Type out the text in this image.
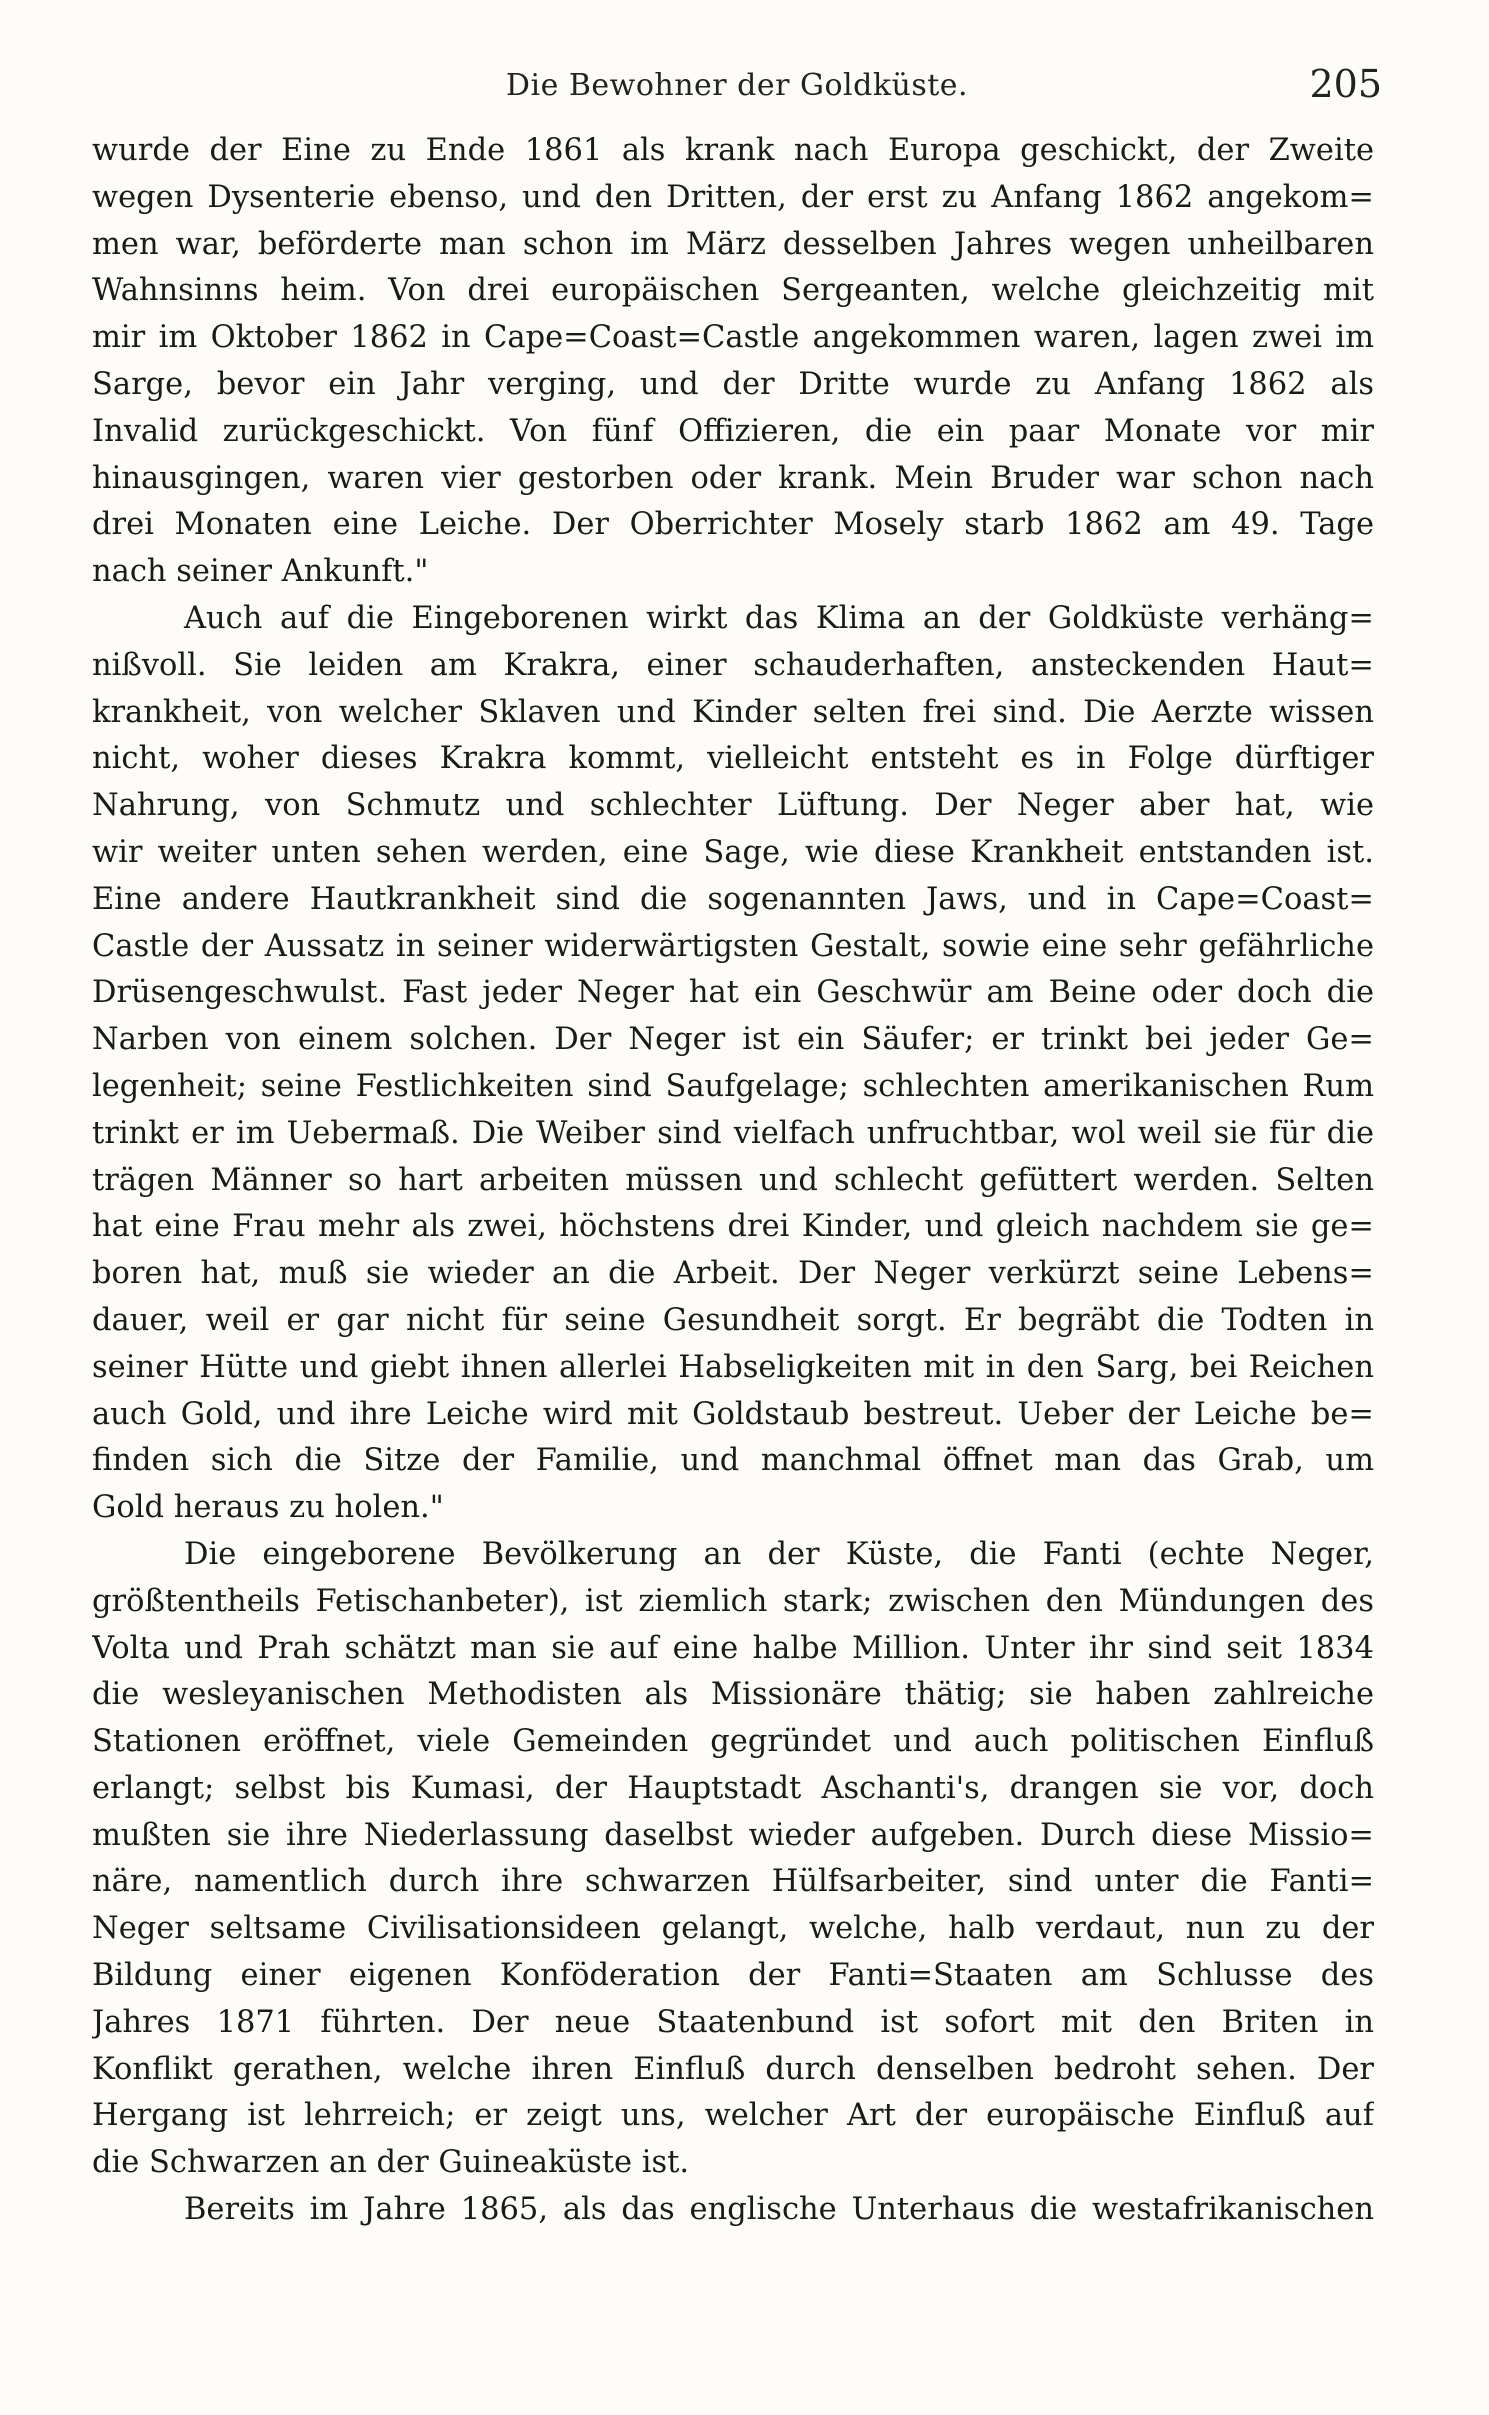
Die Bewohner der Goldküste.	205
wurde der Eine zu Ende 1861 als krank nach Europa geschickt, der Zweite
wegen Dysenterie ebenso, und den Dritten, der erst zu Anfang 1862 angekom=
men war, beförderte man schon im März desselben Jahres wegen unheilbaren
Wahnsinns heim. Von drei europäischen Sergeanten, welche gleichzeitig mit
mir im Oktober 1862 in Cape=Coast=Castle angekommen waren, lagen zwei im
Sarge, bevor ein Jahr verging, und der Dritte wurde zu Anfang 1862 als
Invalid zurückgeschickt. Von fünf Offizieren, die ein paar Monate vor mir
hinausgingen, waren vier gestorben oder krank. Mein Bruder war schon nach
drei Monaten eine Leiche. Der Oberrichter Mosely starb 1862 am 49. Tage
nach seiner Ankunft."
Auch auf die Eingeborenen wirkt das Klima an der Goldküste verhäng=
nißvoll. Sie leiden am Krakra, einer schauderhaften, ansteckenden Haut=
krankheit, von welcher Sklaven und Kinder selten frei sind. Die Aerzte wissen
nicht, woher dieses Krakra kommt, vielleicht entsteht es in Folge dürftiger
Nahrung, von Schmutz und schlechter Lüftung. Der Neger aber hat, wie
wir weiter unten sehen werden, eine Sage, wie diese Krankheit entstanden ist.
Eine andere Hautkrankheit sind die sogenannten Jaws, und in Cape=Coast=
Castle der Aussatz in seiner widerwärtigsten Gestalt, sowie eine sehr gefährliche
Drüsengeschwulst. Fast jeder Neger hat ein Geschwür am Beine oder doch die
Narben von einem solchen. Der Neger ist ein Säufer; er trinkt bei jeder Ge=
legenheit; seine Festlichkeiten sind Saufgelage; schlechten amerikanischen Rum
trinkt er im Uebermaß. Die Weiber sind vielfach unfruchtbar, wol weil sie für die
trägen Männer so hart arbeiten müssen und schlecht gefüttert werden. Selten
hat eine Frau mehr als zwei, höchstens drei Kinder, und gleich nachdem sie ge=
boren hat, muß sie wieder an die Arbeit. Der Neger verkürzt seine Lebens=
dauer, weil er gar nicht für seine Gesundheit sorgt. Er begräbt die Todten in
seiner Hütte und giebt ihnen allerlei Habseligkeiten mit in den Sarg, bei Reichen
auch Gold, und ihre Leiche wird mit Goldstaub bestreut. Ueber der Leiche be=
finden sich die Sitze der Familie, und manchmal öffnet man das Grab, um
Gold heraus zu holen."
Die eingeborene Bevölkerung an der Küste, die Fanti (echte Neger,
größtentheils Fetischanbeter), ist ziemlich stark; zwischen den Mündungen des
Volta und Prah schätzt man sie auf eine halbe Million. Unter ihr sind seit 1834
die wesleyanischen Methodisten als Missionäre thätig; sie haben zahlreiche
Stationen eröffnet, viele Gemeinden gegründet und auch politischen Einfluß
erlangt; selbst bis Kumasi, der Hauptstadt Aschanti's, drangen sie vor, doch
mußten sie ihre Niederlassung daselbst wieder aufgeben. Durch diese Missio=
näre, namentlich durch ihre schwarzen Hülfsarbeiter, sind unter die Fanti=
Neger seltsame Civilisationsideen gelangt, welche, halb verdaut, nun zu der
Bildung einer eigenen Konföderation der Fanti=Staaten am Schlusse des
Jahres 1871 führten. Der neue Staatenbund ist sofort mit den Briten in
Konflikt gerathen, welche ihren Einfluß durch denselben bedroht sehen. Der
Hergang ist lehrreich; er zeigt uns, welcher Art der europäische Einfluß auf
die Schwarzen an der Guineaküste ist.
Bereits im Jahre 1865, als das englische Unterhaus die westafrikanischen
